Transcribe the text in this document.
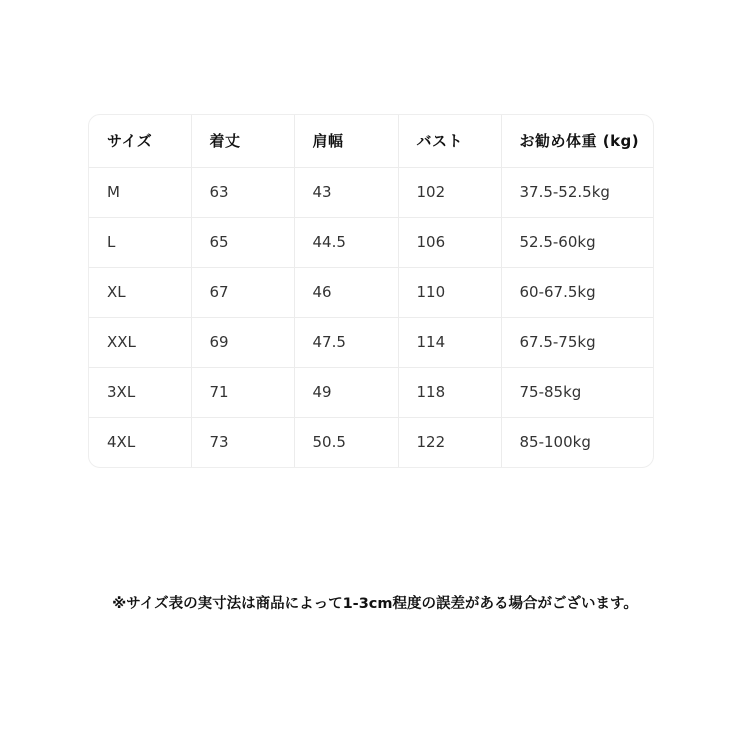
サイズ	着丈	肩幅	バスト	お勧め体重 (kg)
M	63	43	102	37.5-52.5kg
L	65	44.5	106	52.5-60kg
XL	67	46	110	60-67.5kg
XXL	69	47.5	114	67.5-75kg
3XL	71	49	118	75-85kg
4XL	73	50.5	122	85-100kg
※サイズ表の実寸法は商品によって1-3cm程度の誤差がある場合がございます。
